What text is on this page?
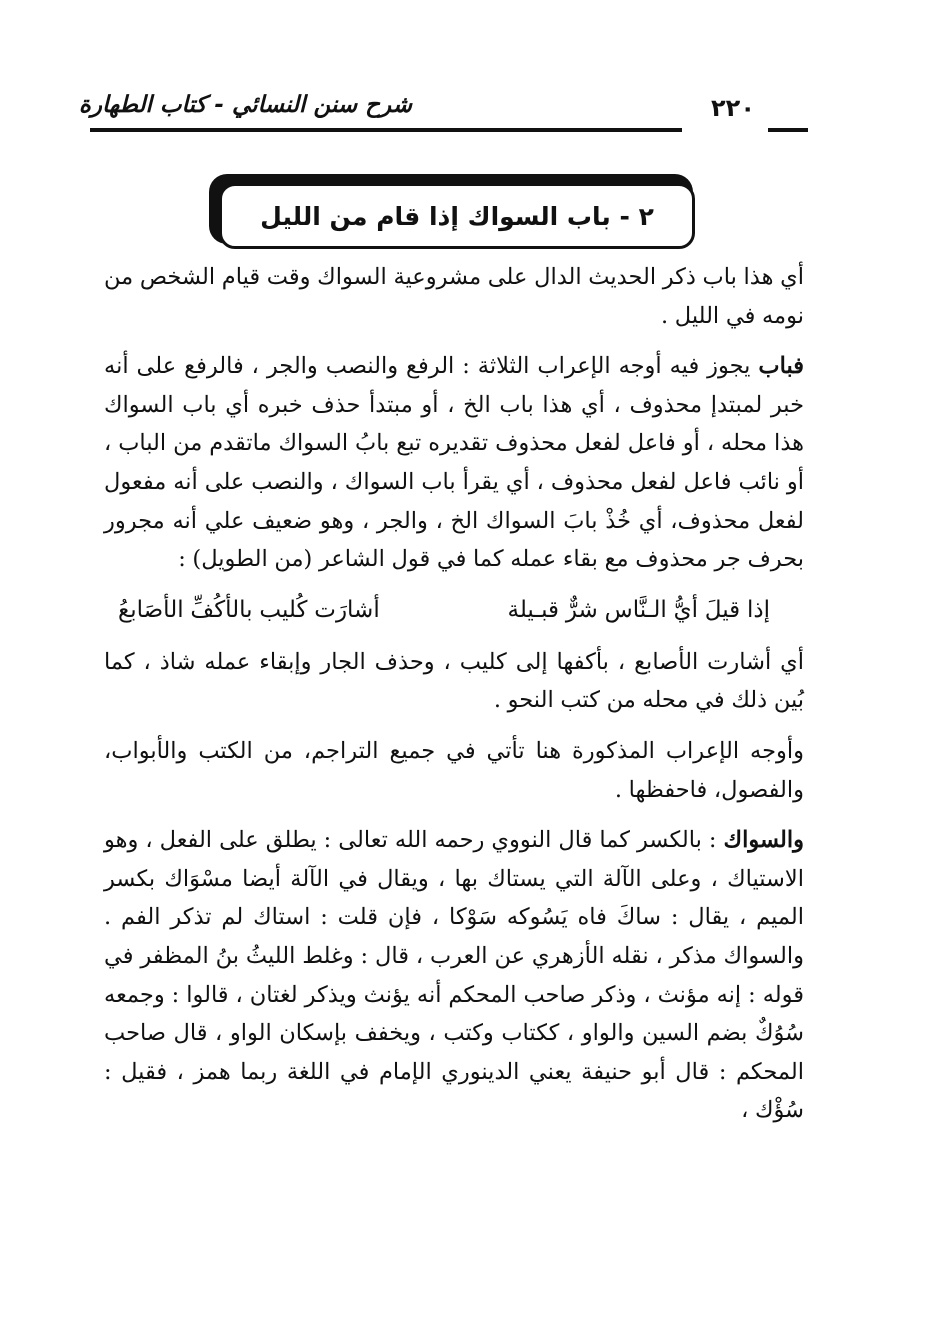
٢٢٠
شرح سنن النسائي - كتاب الطهارة
٢ - باب السواك إذا قام من الليل

أي هذا باب ذكر الحديث الدال على مشروعية السواك وقت قيام الشخص من نومه في الليل .

فباب يجوز فيه أوجه الإعراب الثلاثة : الرفع والنصب والجر ، فالرفع على أنه خبر لمبتدإ محذوف ، أي هذا باب الخ ، أو مبتدأ حذف خبره أي باب السواك هذا محله ، أو فاعل لفعل محذوف تقديره تبع بابُ السواك ماتقدم من الباب ، أو نائب فاعل لفعل محذوف ، أي يقرأ باب السواك ، والنصب على أنه مفعول لفعل محذوف، أي خُذْ بابَ السواك الخ ، والجر ، وهو ضعيف علي أنه مجرور بحرف جر محذوف مع بقاء عمله كما في قول الشاعر (من الطويل) :

إذا قيلَ أيُّ الـنَّاس شرٌّ قبـيلة
أشارَت كُليب بالأكُفِّ الأصَابعُ

أي أشارت الأصابع ، بأكفها إلى كليب ، وحذف الجار وإبقاء عمله شاذ ، كما بُين ذلك في محله من كتب النحو .

وأوجه الإعراب المذكورة هنا تأتي في جميع التراجم، من الكتب والأبواب، والفصول، فاحفظها .

والسواك : بالكسر كما قال النووي رحمه الله تعالى : يطلق على الفعل ، وهو الاستياك ، وعلى الآلة التي يستاك بها ، ويقال في الآلة أيضا مسْوَاك بكسر الميم ، يقال : ساكَ فاه يَسُوكه سَوْكا ، فإن قلت : استاك لم تذكر الفم . والسواك مذكر ، نقله الأزهري عن العرب ، قال : وغلط الليثُ بنُ المظفر في قوله : إنه مؤنث ، وذكر صاحب المحكم أنه يؤنث ويذكر لغتان ، قالوا : وجمعه سُوُكٌ بضم السين والواو ، ككتاب وكتب ، ويخفف بإسكان الواو ، قال صاحب المحكم : قال أبو حنيفة يعني الدينوري الإمام في اللغة ربما همز ، فقيل : سُؤْك ،
